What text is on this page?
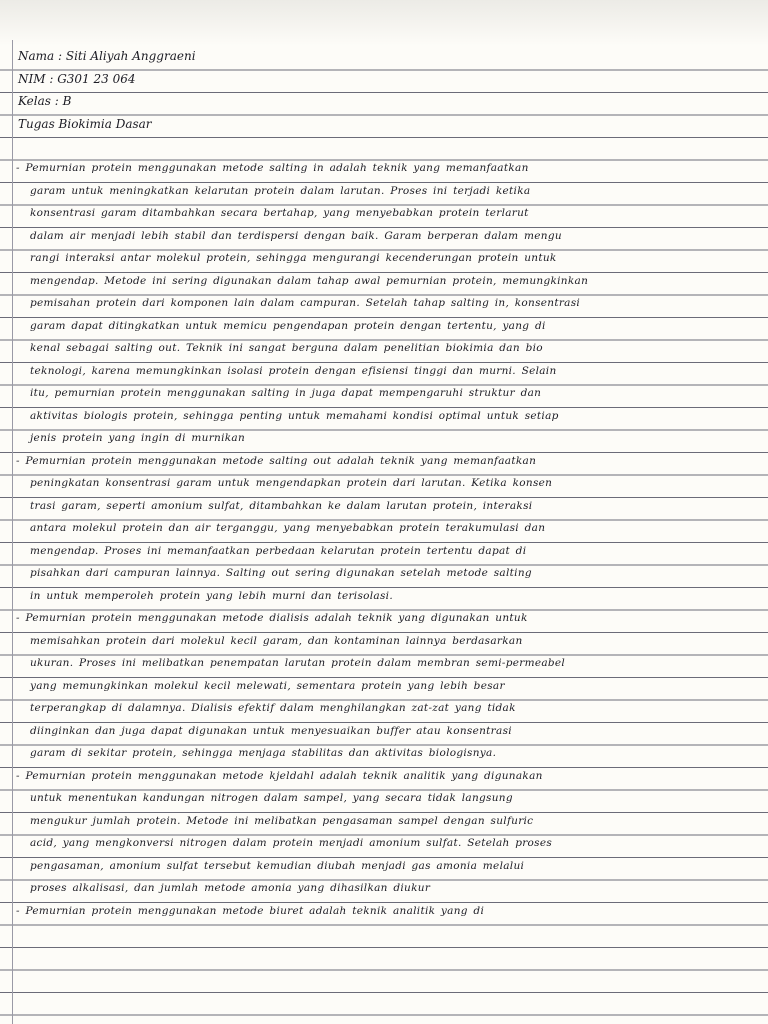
Nama : Siti Aliyah Anggraeni
NIM : G301 23 064
Kelas : B
Tugas Biokimia Dasar
- Pemurnian protein menggunakan metode salting in adalah teknik yang memanfaatkan
garam untuk meningkatkan kelarutan protein dalam larutan. Proses ini terjadi ketika
konsentrasi garam ditambahkan secara bertahap, yang menyebabkan protein terlarut
dalam air menjadi lebih stabil dan terdispersi dengan baik. Garam berperan dalam mengu
rangi interaksi antar molekul protein, sehingga mengurangi kecenderungan protein untuk
mengendap. Metode ini sering digunakan dalam tahap awal pemurnian protein, memungkinkan
pemisahan protein dari komponen lain dalam campuran. Setelah tahap salting in, konsentrasi
garam dapat ditingkatkan untuk memicu pengendapan protein dengan tertentu, yang di
kenal sebagai salting out. Teknik ini sangat berguna dalam penelitian biokimia dan bio
teknologi, karena memungkinkan isolasi protein dengan efisiensi tinggi dan murni. Selain
itu, pemurnian protein menggunakan salting in juga dapat mempengaruhi struktur dan
aktivitas biologis protein, sehingga penting untuk memahami kondisi optimal untuk setiap
jenis protein yang ingin di murnikan
- Pemurnian protein menggunakan metode salting out adalah teknik yang memanfaatkan
peningkatan konsentrasi garam untuk mengendapkan protein dari larutan. Ketika konsen
trasi garam, seperti amonium sulfat, ditambahkan ke dalam larutan protein, interaksi
antara molekul protein dan air terganggu, yang menyebabkan protein terakumulasi dan
mengendap. Proses ini memanfaatkan perbedaan kelarutan protein tertentu dapat di
pisahkan dari campuran lainnya. Salting out sering digunakan setelah metode salting
in untuk memperoleh protein yang lebih murni dan terisolasi.
- Pemurnian protein menggunakan metode dialisis adalah teknik yang digunakan untuk
memisahkan protein dari molekul kecil garam, dan kontaminan lainnya berdasarkan
ukuran. Proses ini melibatkan penempatan larutan protein dalam membran semi-permeabel
yang memungkinkan molekul kecil melewati, sementara protein yang lebih besar
terperangkap di dalamnya. Dialisis efektif dalam menghilangkan zat-zat yang tidak
diinginkan dan juga dapat digunakan untuk menyesuaikan buffer atau konsentrasi
garam di sekitar protein, sehingga menjaga stabilitas dan aktivitas biologisnya.
- Pemurnian protein menggunakan metode kjeldahl adalah teknik analitik yang digunakan
untuk menentukan kandungan nitrogen dalam sampel, yang secara tidak langsung
mengukur jumlah protein. Metode ini melibatkan pengasaman sampel dengan sulfuric
acid, yang mengkonversi nitrogen dalam protein menjadi amonium sulfat. Setelah proses
pengasaman, amonium sulfat tersebut kemudian diubah menjadi gas amonia melalui
proses alkalisasi, dan jumlah metode amonia yang dihasilkan diukur
- Pemurnian protein menggunakan metode biuret adalah teknik analitik yang di
